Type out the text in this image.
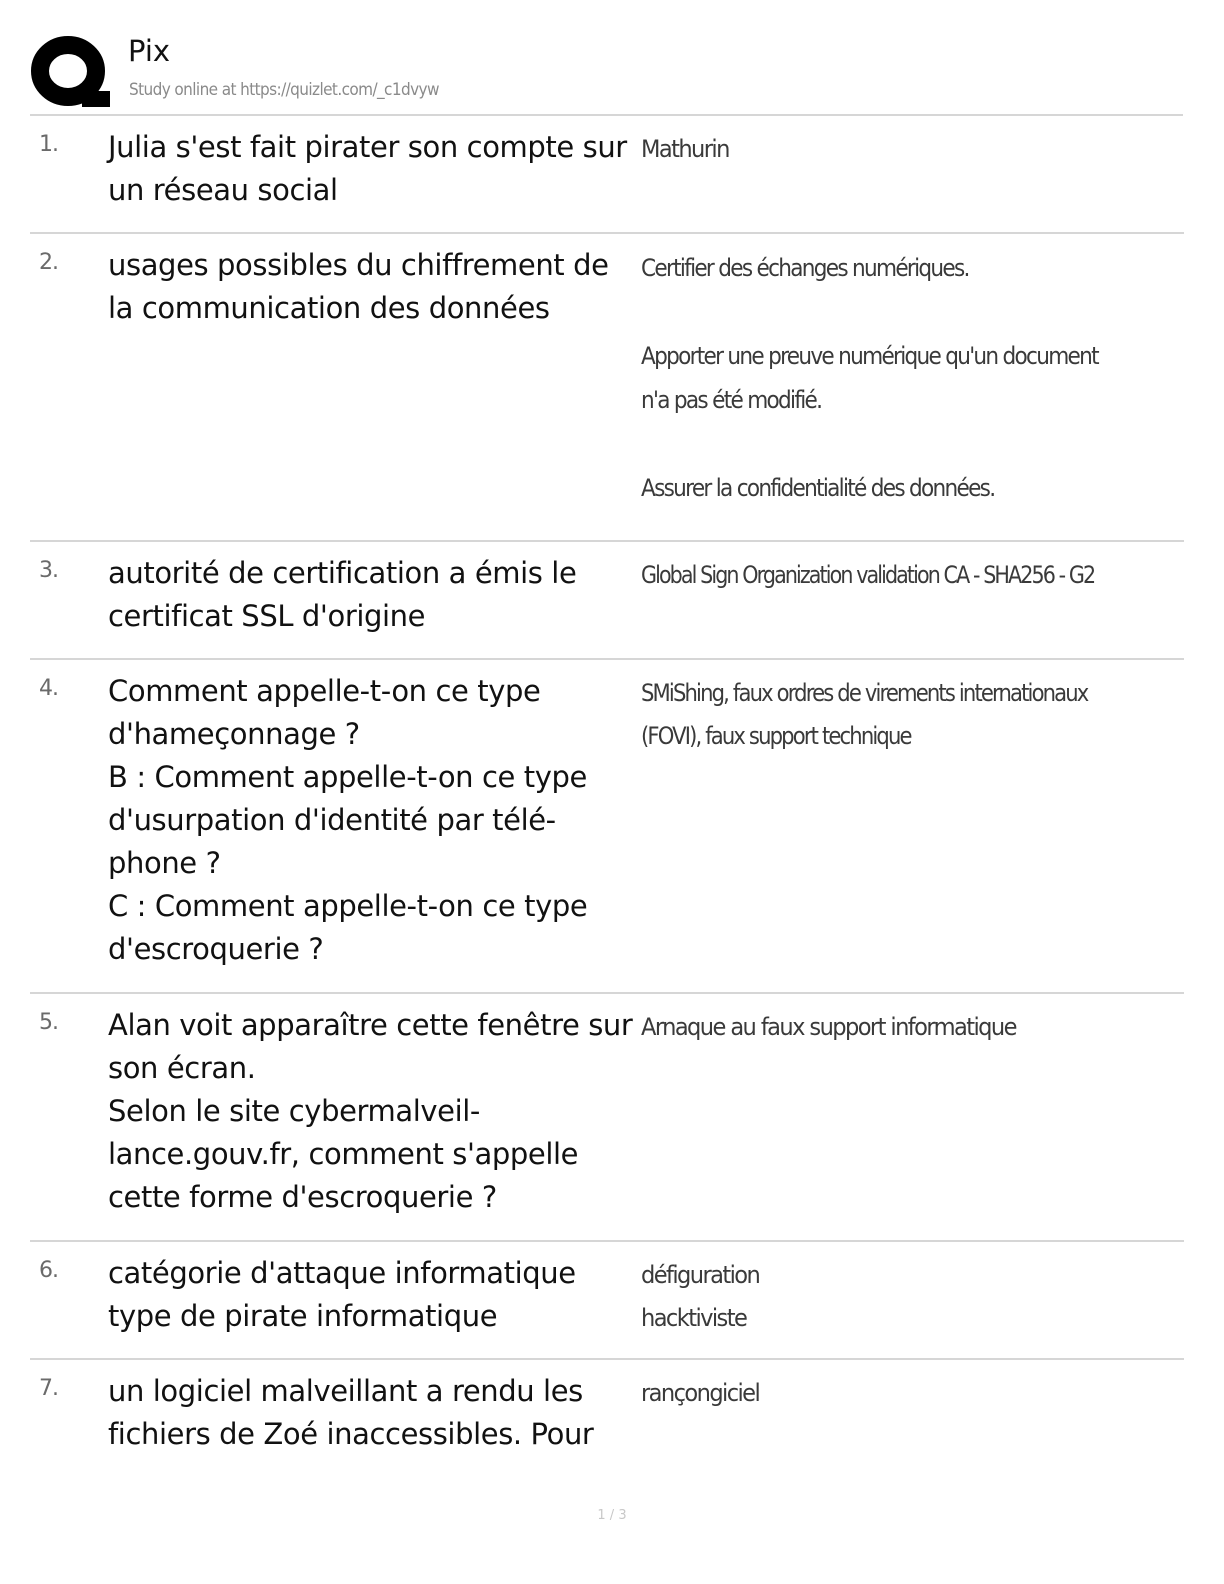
Pix
Study online at https://quizlet.com/_c1dvyw
1. Julia s'est fait pirater son compte sur un réseau social
Mathurin
2. usages possibles du chiffrement de la communication des données
Certifier des échanges numériques.

Apporter une preuve numérique qu'un document n'a pas été modifié.

Assurer la confidentialité des données.
3. autorité de certification a émis le certificat SSL d'origine
Global Sign Organization validation CA - SHA256 - G2
4. Comment appelle-t-on ce type d'hameçonnage ?
B : Comment appelle-t-on ce type d'usurpation d'identité par télé- phone ?
C : Comment appelle-t-on ce type d'escroquerie ?
SMiShing, faux ordres de virements internationaux (FOVI), faux support technique
5. Alan voit apparaître cette fenêtre sur son écran.
Selon le site cybermalveil- lance.gouv.fr, comment s'appelle cette forme d'escroquerie ?
Arnaque au faux support informatique
6. catégorie d'attaque informatique
type de pirate informatique
défiguration
hacktiviste
7. un logiciel malveillant a rendu les fichiers de Zoé inaccessibles. Pour
rançongiciel
1 / 3
